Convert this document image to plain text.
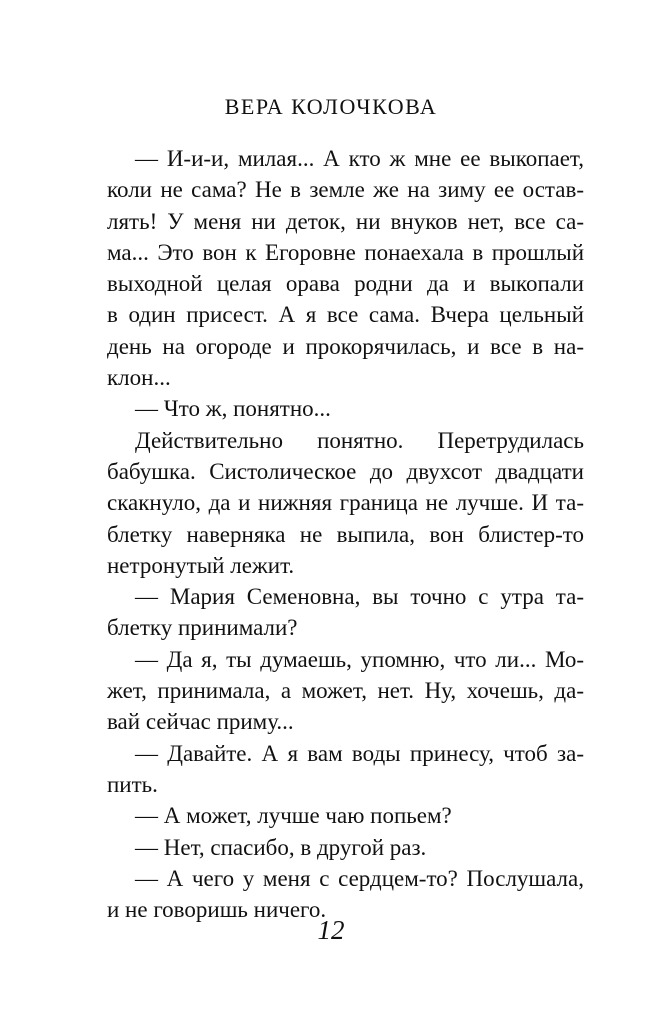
ВЕРА КОЛОЧКОВА
— И-и-и, милая... А кто ж мне ее выкопает,
коли не сама? Не в земле же на зиму ее остав-
лять! У меня ни деток, ни внуков нет, все са-
ма... Это вон к Егоровне понаехала в прошлый
выходной целая орава родни да и выкопали
в один присест. А я все сама. Вчера цельный
день на огороде и прокорячилась, и все в на-
клон...
— Что ж, понятно...
Действительно понятно. Перетрудилась
бабушка. Систолическое до двухсот двадцати
скакнуло, да и нижняя граница не лучше. И та-
блетку наверняка не выпила, вон блистер-то
нетронутый лежит.
— Мария Семеновна, вы точно с утра та-
блетку принимали?
— Да я, ты думаешь, упомню, что ли... Мо-
жет, принимала, а может, нет. Ну, хочешь, да-
вай сейчас приму...
— Давайте. А я вам воды принесу, чтоб за-
пить.
— А может, лучше чаю попьем?
— Нет, спасибо, в другой раз.
— А чего у меня с сердцем-то? Послушала,
и не говоришь ничего.
12
